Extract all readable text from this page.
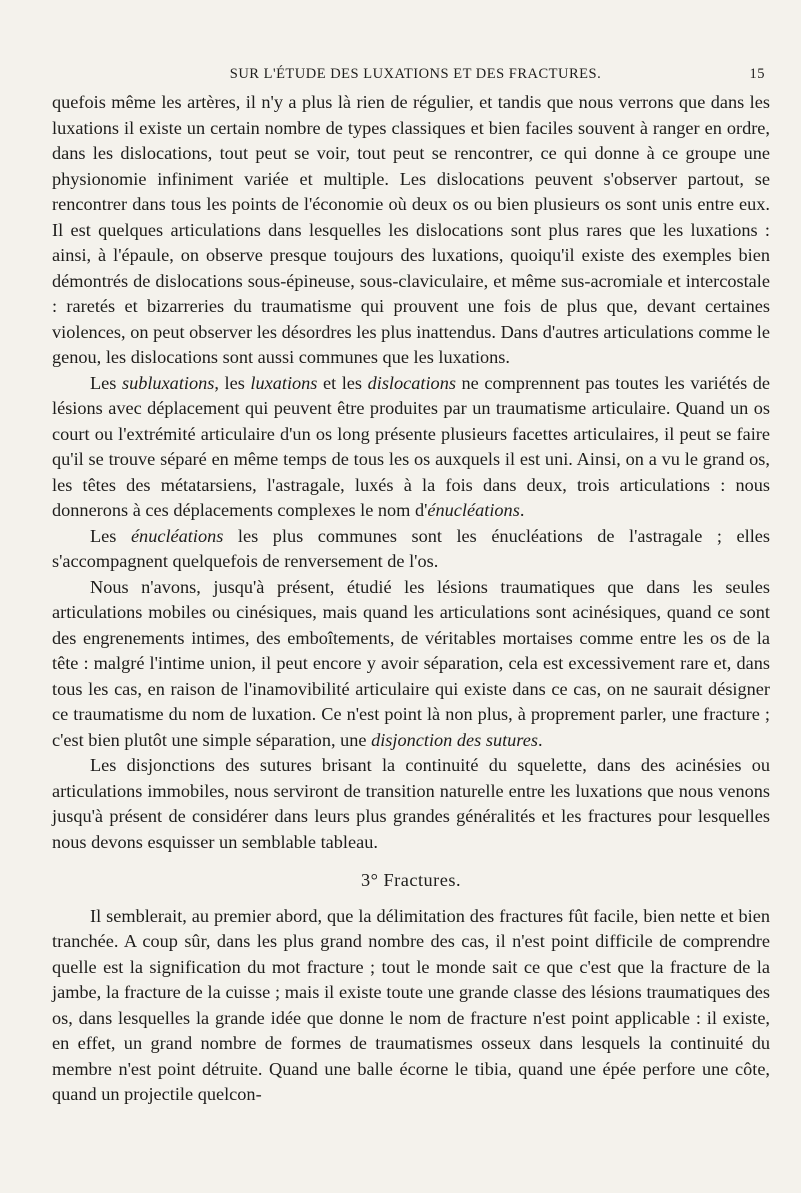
SUR L'ÉTUDE DES LUXATIONS ET DES FRACTURES.	15

quefois même les artères, il n'y a plus là rien de régulier, et tandis que nous verrons que dans les luxations il existe un certain nombre de types classiques et bien faciles souvent à ranger en ordre, dans les dislocations, tout peut se voir, tout peut se rencontrer, ce qui donne à ce groupe une physionomie infiniment variée et multiple. Les dislocations peuvent s'observer partout, se rencontrer dans tous les points de l'économie où deux os ou bien plusieurs os sont unis entre eux. Il est quelques articulations dans lesquelles les dislocations sont plus rares que les luxations : ainsi, à l'épaule, on observe presque toujours des luxations, quoiqu'il existe des exemples bien démontrés de dislocations sous-épineuse, sous-claviculaire, et même sus-acromiale et intercostale : raretés et bizarreries du traumatisme qui prouvent une fois de plus que, devant certaines violences, on peut observer les désordres les plus inattendus. Dans d'autres articulations comme le genou, les dislocations sont aussi communes que les luxations.

Les subluxations, les luxations et les dislocations ne comprennent pas toutes les variétés de lésions avec déplacement qui peuvent être produites par un traumatisme articulaire. Quand un os court ou l'extrémité articulaire d'un os long présente plusieurs facettes articulaires, il peut se faire qu'il se trouve séparé en même temps de tous les os auxquels il est uni. Ainsi, on a vu le grand os, les têtes des métatarsiens, l'astragale, luxés à la fois dans deux, trois articulations : nous donnerons à ces déplacements complexes le nom d'énucléations.

Les énucléations les plus communes sont les énucléations de l'astragale ; elles s'accompagnent quelquefois de renversement de l'os.

Nous n'avons, jusqu'à présent, étudié les lésions traumatiques que dans les seules articulations mobiles ou cinésiques, mais quand les articulations sont acinésiques, quand ce sont des engrenements intimes, des emboîtements, de véritables mortaises comme entre les os de la tête : malgré l'intime union, il peut encore y avoir séparation, cela est excessivement rare et, dans tous les cas, en raison de l'inamovibilité articulaire qui existe dans ce cas, on ne saurait désigner ce traumatisme du nom de luxation. Ce n'est point là non plus, à proprement parler, une fracture ; c'est bien plutôt une simple séparation, une disjonction des sutures.

Les disjonctions des sutures brisant la continuité du squelette, dans des acinésies ou articulations immobiles, nous serviront de transition naturelle entre les luxations que nous venons jusqu'à présent de considérer dans leurs plus grandes généralités et les fractures pour lesquelles nous devons esquisser un semblable tableau.

3° Fractures.

Il semblerait, au premier abord, que la délimitation des fractures fût facile, bien nette et bien tranchée. A coup sûr, dans les plus grand nombre des cas, il n'est point difficile de comprendre quelle est la signification du mot fracture ; tout le monde sait ce que c'est que la fracture de la jambe, la fracture de la cuisse ; mais il existe toute une grande classe des lésions traumatiques des os, dans lesquelles la grande idée que donne le nom de fracture n'est point applicable : il existe, en effet, un grand nombre de formes de traumatismes osseux dans lesquels la continuité du membre n'est point détruite. Quand une balle écorne le tibia, quand une épée perfore une côte, quand un projectile quelcon-
